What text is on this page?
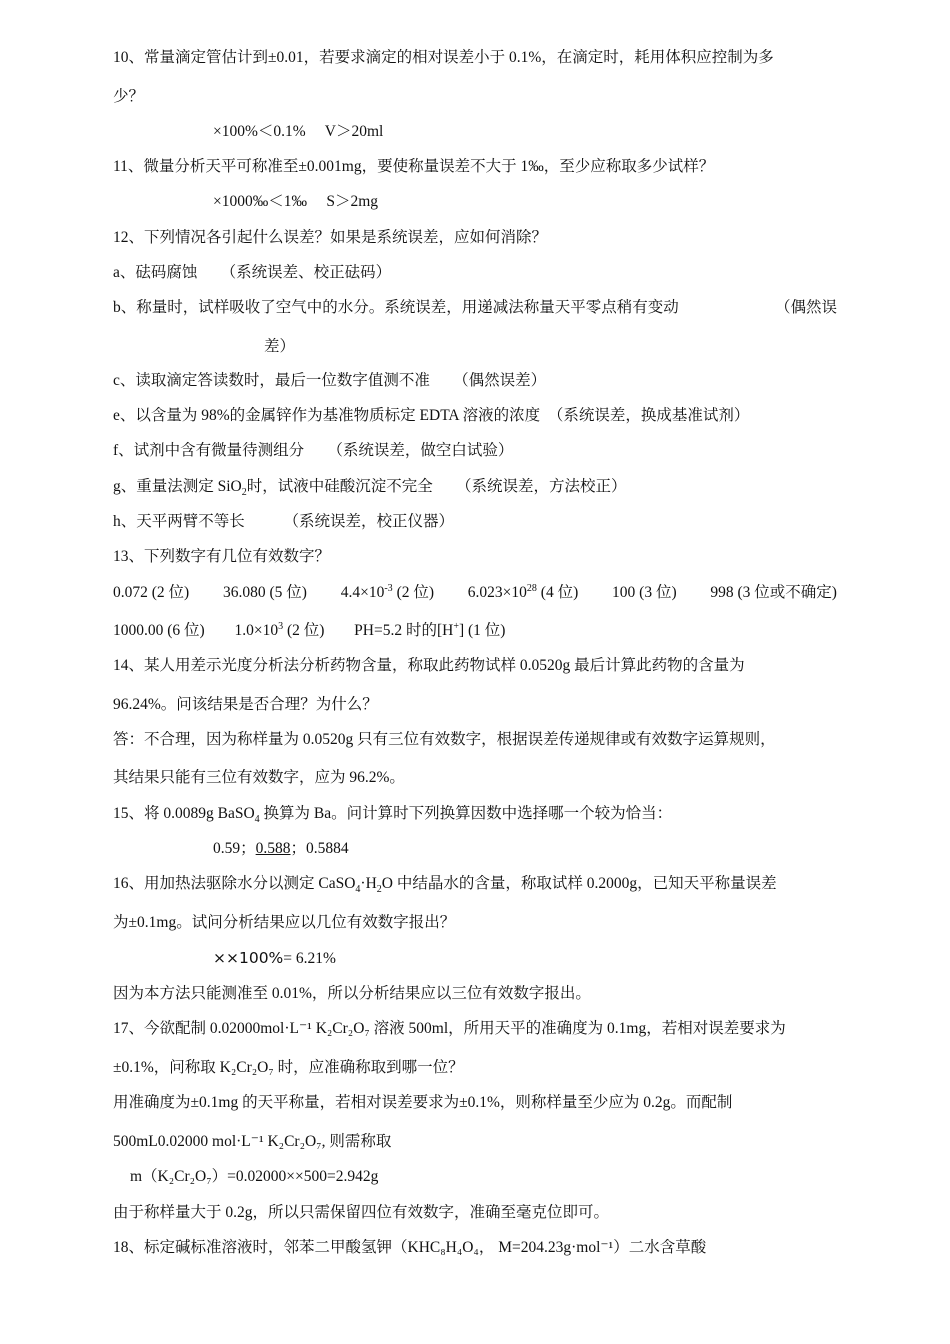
10、常量滴定管估计到±0.01，若要求滴定的相对误差小于 0.1%，在滴定时，耗用体积应控制为多
少？
×100%＜0.1%　 V＞20ml
11、微量分析天平可称准至±0.001mg，要使称量误差不大于 1‰，至少应称取多少试样？
×1000‰＜1‰　 S＞2mg
12、下列情况各引起什么误差？如果是系统误差，应如何消除？
a、砝码腐蚀　　（系统误差、校正砝码）
b、称量时，试样吸收了空气中的水分。系统误差，用递减法称量天平零点稍有变动	（偶然误
差）
c、读取滴定答读数时，最后一位数字值测不准　　（偶然误差）
e、以含量为 98%的金属锌作为基准物质标定 EDTA 溶液的浓度　（系统误差，换成基准试剂）
f、试剂中含有微量待测组分　　（系统误差，做空白试验）
g、重量法测定 SiO$_2$时，试液中硅酸沉淀不完全　　（系统误差，方法校正）
h、天平两臂不等长　　　（系统误差，校正仪器）
13、下列数字有几位有效数字？
0.072 (2 位) 36.080 (5 位) $4.4\times 10^{-3}$ (2 位) $6.023\times 10^{28}$ (4 位) 100 (3 位) 998 (3 位或不确定)
1000.00 (6 位) $1.0\times 10^3$ (2 位) PH=5.2 时的[H+] (1 位)
14、某人用差示光度分析法分析药物含量，称取此药物试样 0.0520g 最后计算此药物的含量为
96.24%。问该结果是否合理？为什么？
答：不合理，因为称样量为 0.0520g 只有三位有效数字，根据误差传递规律或有效数字运算规则，
其结果只能有三位有效数字，应为 96.2%。
15、将 0.0089g BaSO$_4$ 换算为 Ba。问计算时下列换算因数中选择哪一个较为恰当：
0.59；0.588；0.5884
16、用加热法驱除水分以测定 $CaSO_4\cdot H_2O$ 中结晶水的含量，称取试样 0.2000g，已知天平称量误差
为±0.1mg。试问分析结果应以几位有效数字报出？
××100%= 6.21%
因为本方法只能测准至 0.01%，所以分析结果应以三位有效数字报出。
17、今欲配制 0.02000mol·L⁻¹ K₂Cr₂O₇ 溶液 500ml，所用天平的准确度为 0.1mg，若相对误差要求为
±0.1%，问称取 K₂Cr₂O₇ 时，应准确称取到哪一位？
用准确度为±0.1mg 的天平称量，若相对误差要求为±0.1%，则称样量至少应为 0.2g。而配制
500mL0.02000 mol·L⁻¹ K₂Cr₂O₇, 则需称取
m（K₂Cr₂O₇）=0.02000××500=2.942g
由于称样量大于 0.2g，所以只需保留四位有效数字，准确至毫克位即可。
18、标定碱标准溶液时，邻苯二甲酸氢钾（KHC₈H₄O₄， M=204.23g·mol⁻¹）二水含草酸
